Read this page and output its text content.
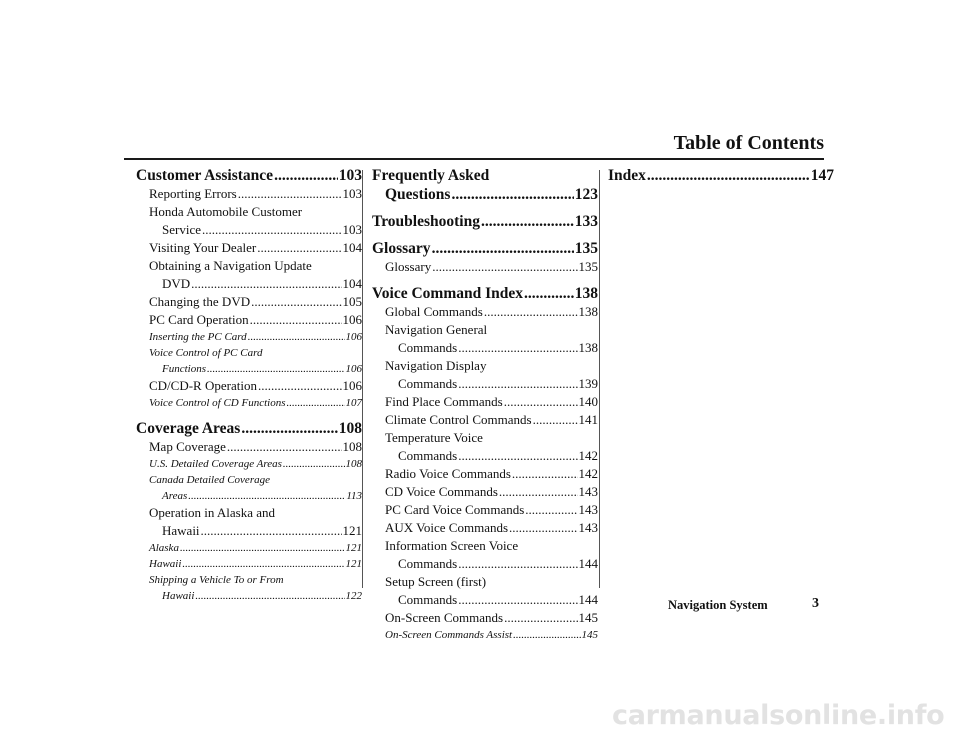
Table of Contents
Customer Assistance .....	103
Reporting Errors .....	103
Honda Automobile Customer
Service .....	103
Visiting Your Dealer .....	104
Obtaining a Navigation Update
DVD .....	104
Changing the DVD .....	105
PC Card Operation .....	106
Inserting the PC Card .....	106
Voice Control of PC Card
Functions .....	106
CD/CD-R Operation .....	106
Voice Control of CD Functions .....	107
Coverage Areas .....	108
Map Coverage .....	108
U.S. Detailed Coverage Areas .....	108
Canada Detailed Coverage
Areas .....	113
Operation in Alaska and
Hawaii .....	121
Alaska .....	121
Hawaii .....	121
Shipping a Vehicle To or From
Hawaii .....	122
Frequently Asked
Questions .....	123
Troubleshooting .....	133
Glossary .....	135
Glossary .....	135
Voice Command Index .....	138
Global Commands .....	138
Navigation General
Commands .....	138
Navigation Display
Commands .....	139
Find Place Commands .....	140
Climate Control Commands .....	141
Temperature Voice
Commands .....	142
Radio Voice Commands .....	142
CD Voice Commands .....	143
PC Card Voice Commands .....	143
AUX Voice Commands .....	143
Information Screen Voice
Commands .....	144
Setup Screen (first)
Commands .....	144
On-Screen Commands .....	145
On-Screen Commands Assist .....	145
Index .....	147
Navigation System	3
carmanualsonline.info
